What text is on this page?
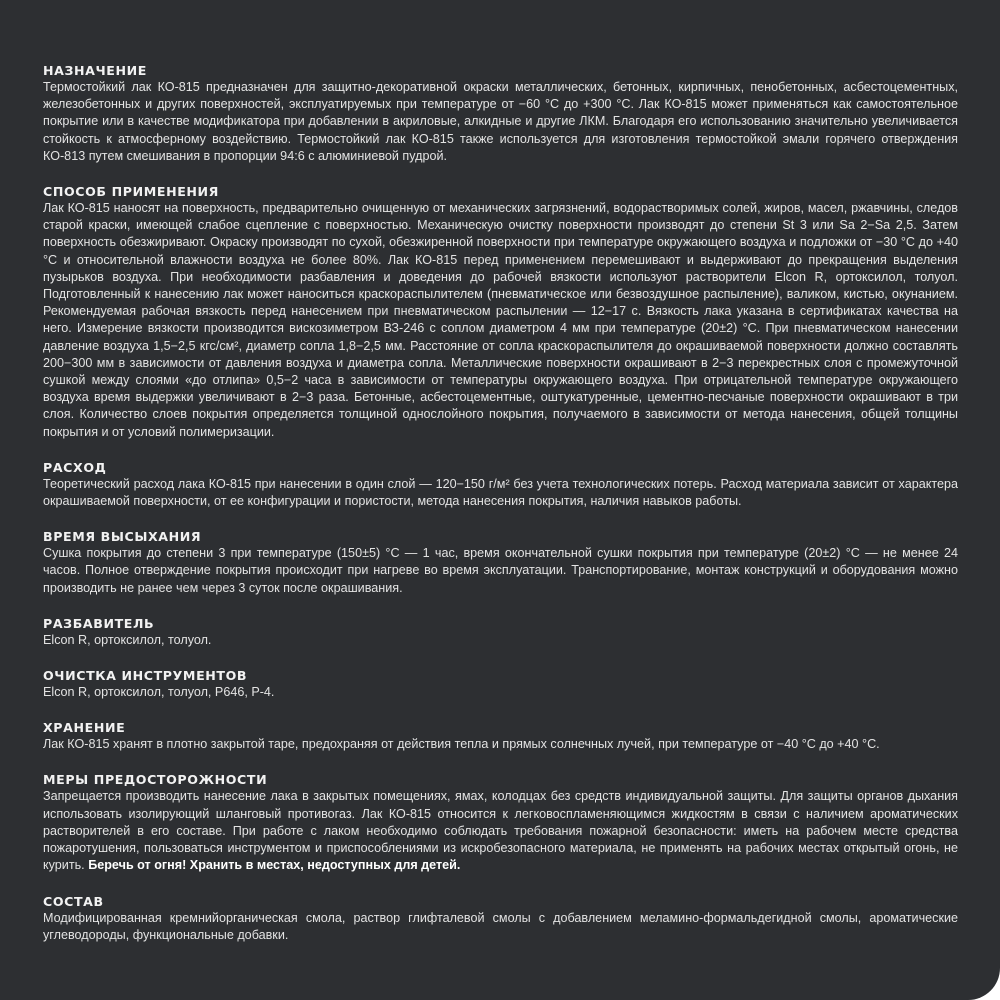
НАЗНАЧЕНИЕ

Термостойкий лак КО-815 предназначен для защитно-декоративной окраски металлических, бетонных, кирпичных, пенобетонных, асбестоцементных, железобетонных и других поверхностей, эксплуатируемых при температуре от −60 °С до +300 °С. Лак КО-815 может применяться как самостоятельное покрытие или в качестве модификатора при добавлении в акриловые, алкидные и другие ЛКМ. Благодаря его использованию значительно увеличивается стойкость к атмосферному воздействию. Термостойкий лак КО-815 также используется для изготовления термостойкой эмали горячего отверждения КО-813 путем смешивания в пропорции 94:6 с алюминиевой пудрой.

СПОСОБ ПРИМЕНЕНИЯ

Лак КО-815 наносят на поверхность, предварительно очищенную от механических загрязнений, водорастворимых солей, жиров, масел, ржавчины, следов старой краски, имеющей слабое сцепление с поверхностью. Механическую очистку поверхности производят до степени St 3 или Sa 2−Sa 2,5. Затем поверхность обезжиривают. Окраску производят по сухой, обезжиренной поверхности при температуре окружающего воздуха и подложки от −30 °С до +40 °С и относительной влажности воздуха не более 80%. Лак КО-815 перед применением перемешивают и выдерживают до прекращения выделения пузырьков воздуха. При необходимости разбавления и доведения до рабочей вязкости используют растворители Elcon R, ортоксилол, толуол. Подготовленный к нанесению лак может наноситься краскораспылителем (пневматическое или безвоздушное распыление), валиком, кистью, окунанием. Рекомендуемая рабочая вязкость перед нанесением при пневматическом распылении — 12−17 с. Вязкость лака указана в сертификатах качества на него. Измерение вязкости производится вискозиметром ВЗ-246 с соплом диаметром 4 мм при температуре (20±2) °С. При пневматическом нанесении давление воздуха 1,5−2,5 кгс/см², диаметр сопла 1,8−2,5 мм. Расстояние от сопла краскораспылителя до окрашиваемой поверхности должно составлять 200−300 мм в зависимости от давления воздуха и диаметра сопла. Металлические поверхности окрашивают в 2−3 перекрестных слоя с промежуточной сушкой между слоями «до отлипа» 0,5−2 часа в зависимости от температуры окружающего воздуха. При отрицательной температуре окружающего воздуха время выдержки увеличивают в 2−3 раза. Бетонные, асбестоцементные, оштукатуренные, цементно-песчаные поверхности окрашивают в три слоя. Количество слоев покрытия определяется толщиной однослойного покрытия, получаемого в зависимости от метода нанесения, общей толщины покрытия и от условий полимеризации.

РАСХОД

Теоретический расход лака КО-815 при нанесении в один слой — 120−150 г/м² без учета технологических потерь. Расход материала зависит от характера окрашиваемой поверхности, от ее конфигурации и пористости, метода нанесения покрытия, наличия навыков работы.

ВРЕМЯ ВЫСЫХАНИЯ

Сушка покрытия до степени 3 при температуре (150±5) °С — 1 час, время окончательной сушки покрытия при температуре (20±2) °С — не менее 24 часов. Полное отверждение покрытия происходит при нагреве во время эксплуатации. Транспортирование, монтаж конструкций и оборудования можно производить не ранее чем через 3 суток после окрашивания.

РАЗБАВИТЕЛЬ

Elcon R, ортоксилол, толуол.

ОЧИСТКА ИНСТРУМЕНТОВ

Elcon R, ортоксилол, толуол, Р646, Р-4.

ХРАНЕНИЕ

Лак КО-815 хранят в плотно закрытой таре, предохраняя от действия тепла и прямых солнечных лучей, при температуре от −40 °С до +40 °С.

МЕРЫ ПРЕДОСТОРОЖНОСТИ

Запрещается производить нанесение лака в закрытых помещениях, ямах, колодцах без средств индивидуальной защиты. Для защиты органов дыхания использовать изолирующий шланговый противогаз. Лак КО-815 относится к легковоспламеняющимся жидкостям в связи с наличием ароматических растворителей в его составе. При работе с лаком необходимо соблюдать требования пожарной безопасности: иметь на рабочем месте средства пожаротушения, пользоваться инструментом и приспособлениями из искробезопасного материала, не применять на рабочих местах открытый огонь, не курить. Беречь от огня! Хранить в местах, недоступных для детей.

СОСТАВ

Модифицированная кремнийорганическая смола, раствор глифталевой смолы с добавлением меламино-формальдегидной смолы, ароматические углеводороды, функциональные добавки.
